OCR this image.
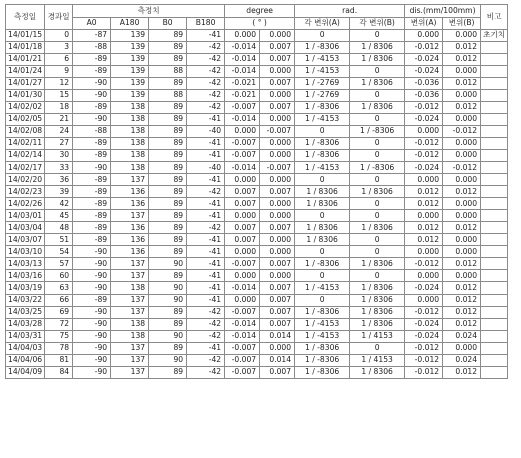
측정일	경과일	측정치				degree		rad.		dis.(mm/100mm)		비고
		A0	A180	B0	B180	( ° )		각 변위(A)	각 변위(B)	변위(A)	변위(B)	
14/01/15	0	-87	139	89	-41	0.000	0.000	0	0	0.000	0.000	초기치
14/01/18	3	-88	139	89	-42	-0.014	0.007	1 / -8306	1 / 8306	-0.012	0.012	
14/01/21	6	-89	139	89	-42	-0.014	0.007	1 / -4153	1 / 8306	-0.024	0.012	
14/01/24	9	-89	139	88	-42	-0.014	0.000	1 / -4153	0	-0.024	0.000	
14/01/27	12	-90	139	89	-42	-0.021	0.007	1 / -2769	1 / 8306	-0.036	0.012	
14/01/30	15	-90	139	88	-42	-0.021	0.000	1 / -2769	0	-0.036	0.000	
14/02/02	18	-89	138	89	-42	-0.007	0.007	1 / -8306	1 / 8306	-0.012	0.012	
14/02/05	21	-90	138	89	-41	-0.014	0.000	1 / -4153	0	-0.024	0.000	
14/02/08	24	-88	138	89	-40	0.000	-0.007	0	1 / -8306	0.000	-0.012	
14/02/11	27	-89	138	89	-41	-0.007	0.000	1 / -8306	0	-0.012	0.000	
14/02/14	30	-89	138	89	-41	-0.007	0.000	1 / -8306	0	-0.012	0.000	
14/02/17	33	-90	138	89	-40	-0.014	-0.007	1 / -4153	1 / -8306	-0.024	-0.012	
14/02/20	36	-89	137	89	-41	0.000	0.000	0	0	0.000	0.000	
14/02/23	39	-89	136	89	-42	0.007	0.007	1 / 8306	1 / 8306	0.012	0.012	
14/02/26	42	-89	136	89	-41	0.007	0.000	1 / 8306	0	0.012	0.000	
14/03/01	45	-89	137	89	-41	0.000	0.000	0	0	0.000	0.000	
14/03/04	48	-89	136	89	-42	0.007	0.007	1 / 8306	1 / 8306	0.012	0.012	
14/03/07	51	-89	136	89	-41	0.007	0.000	1 / 8306	0	0.012	0.000	
14/03/10	54	-90	136	89	-41	0.000	0.000	0	0	0.000	0.000	
14/03/13	57	-90	137	90	-41	-0.007	0.007	1 / -8306	1 / 8306	-0.012	0.012	
14/03/16	60	-90	137	89	-41	0.000	0.000	0	0	0.000	0.000	
14/03/19	63	-90	138	90	-41	-0.014	0.007	1 / -4153	1 / 8306	-0.024	0.012	
14/03/22	66	-89	137	90	-41	0.000	0.007	0	1 / 8306	0.000	0.012	
14/03/25	69	-90	137	89	-42	-0.007	0.007	1 / -8306	1 / 8306	-0.012	0.012	
14/03/28	72	-90	138	89	-42	-0.014	0.007	1 / -4153	1 / 8306	-0.024	0.012	
14/03/31	75	-90	138	90	-42	-0.014	0.014	1 / -4153	1 / 4153	-0.024	0.024	
14/04/03	78	-90	137	89	-41	-0.007	0.000	1 / -8306	0	-0.012	0.000	
14/04/06	81	-90	137	90	-42	-0.007	0.014	1 / -8306	1 / 4153	-0.012	0.024	
14/04/09	84	-90	137	89	-42	-0.007	0.007	1 / -8306	1 / 8306	-0.012	0.012	
